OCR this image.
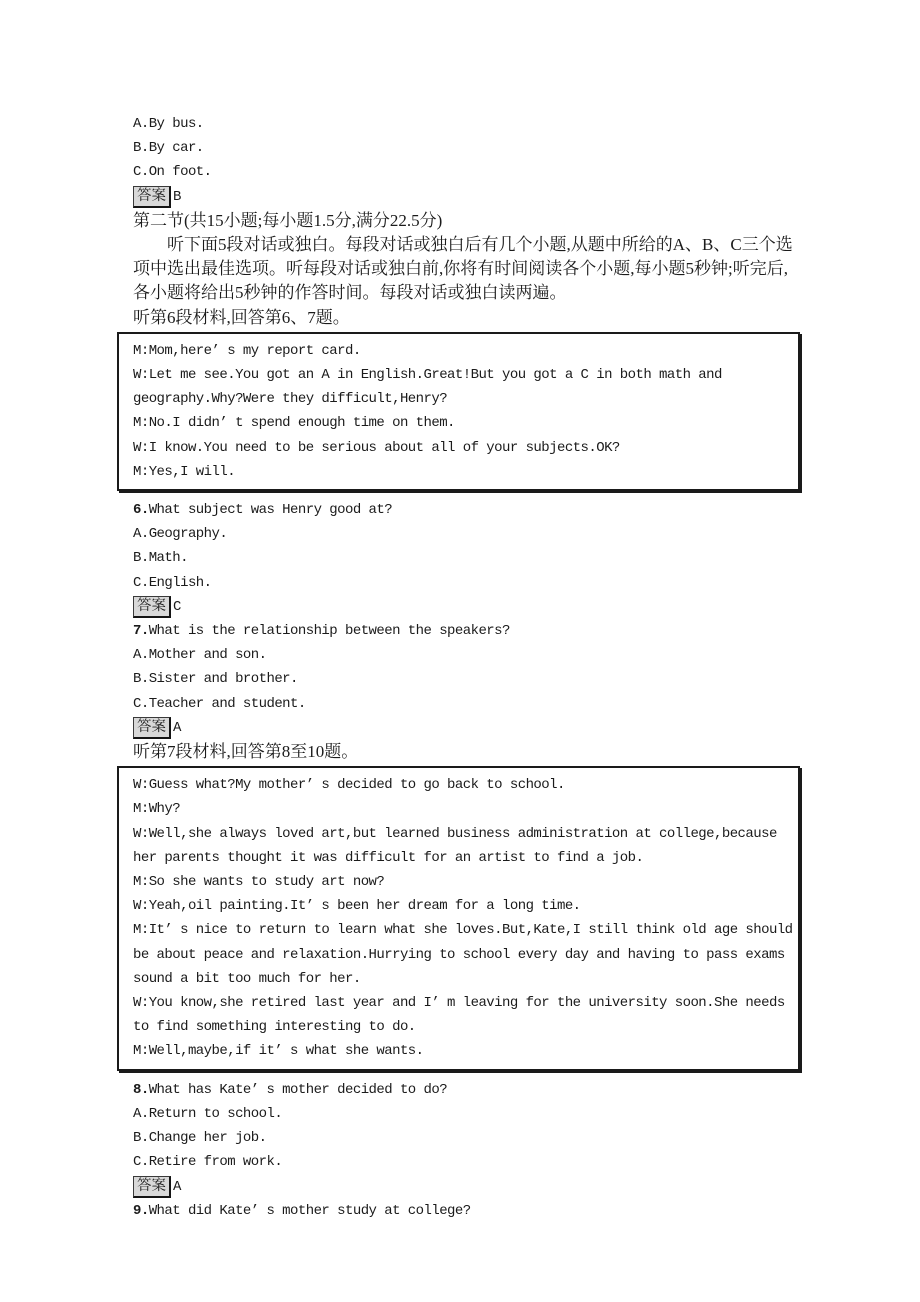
A.By bus.
B.By car.
C.On foot.
答案 B
第二节(共15小题;每小题1.5分,满分22.5分)

听下面5段对话或独白。每段对话或独白后有几个小题,从题中所给的A、B、C三个选项中选出最佳选项。听每段对话或独白前,你将有时间阅读各个小题,每小题5秒钟;听完后,各小题将给出5秒钟的作答时间。每段对话或独白读两遍。

听第6段材料,回答第6、7题。
M:Mom,here’ s my report card.
W:Let me see.You got an A in English.Great!But you got a C in both math and
geography.Why?Were they difficult,Henry?
M:No.I didn’ t spend enough time on them.
W:I know.You need to be serious about all of your subjects.OK?
M:Yes,I will.
6.What subject was Henry good at?
A.Geography.
B.Math.
C.English.
答案 C
7.What is the relationship between the speakers?
A.Mother and son.
B.Sister and brother.
C.Teacher and student.
答案 A
听第7段材料,回答第8至10题。
W:Guess what?My mother’ s decided to go back to school.
M:Why?
W:Well,she always loved art,but learned business administration at college,because
her parents thought it was difficult for an artist to find a job.
M:So she wants to study art now?
W:Yeah,oil painting.It’ s been her dream for a long time.
M:It’ s nice to return to learn what she loves.But,Kate,I still think old age should
be about peace and relaxation.Hurrying to school every day and having to pass exams
sound a bit too much for her.
W:You know,she retired last year and I’ m leaving for the university soon.She needs
to find something interesting to do.
M:Well,maybe,if it’ s what she wants.
8.What has Kate’ s mother decided to do?
A.Return to school.
B.Change her job.
C.Retire from work.
答案 A
9.What did Kate’ s mother study at college?
